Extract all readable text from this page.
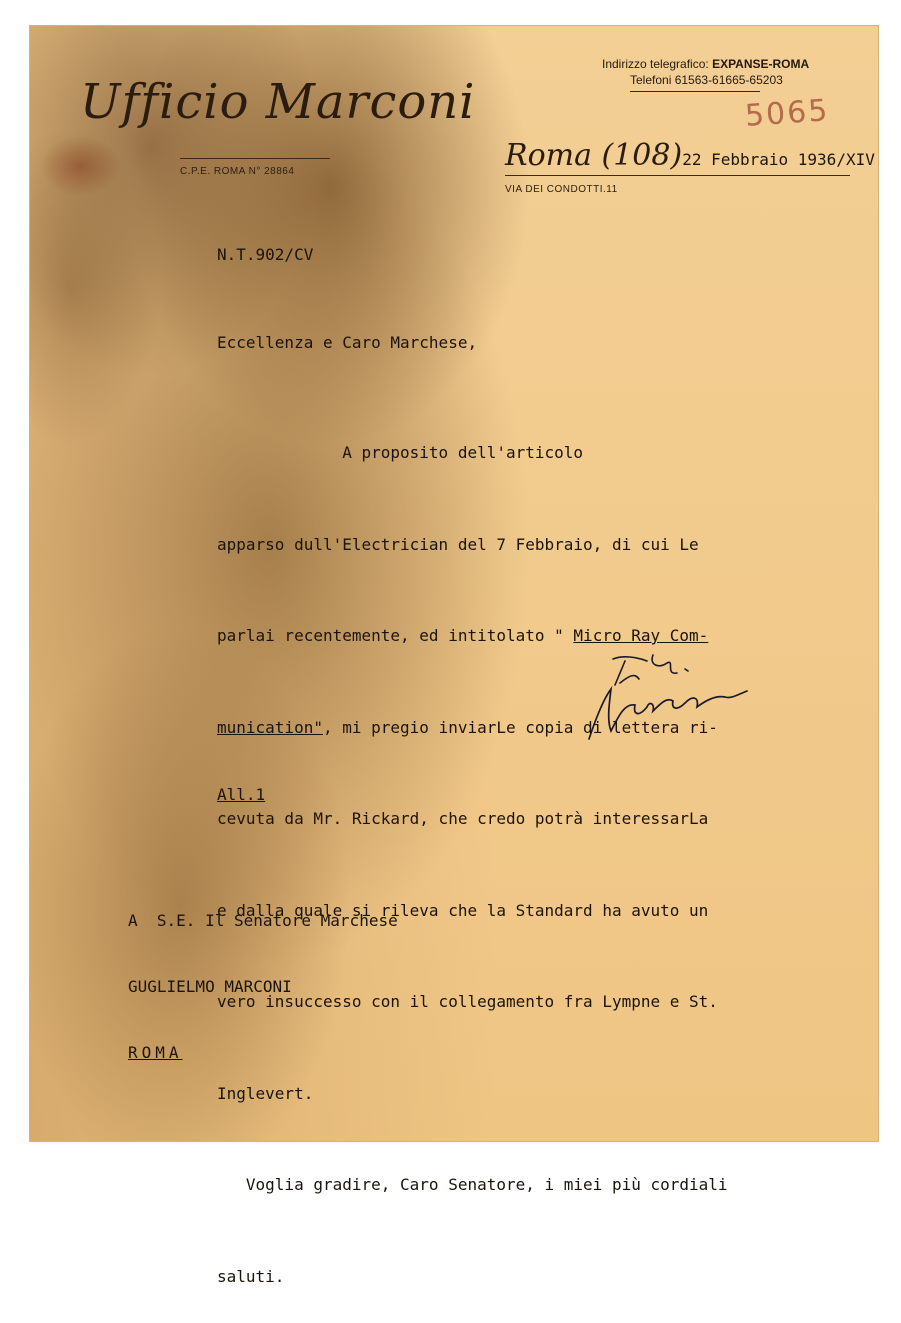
Ufficio Marconi
C.P.E. ROMA N° 28864
Indirizzo telegrafico: EXPANSE-ROMA
Telefoni 61563-61665-65203
5065
Roma (108)22 Febbraio 1936/XIV
VIA DEI CONDOTTI.11
N.T.902/CV
Eccellenza e Caro Marchese,

A proposito dell'articolo

apparso dull'Electrician del 7 Febbraio, di cui Le

parlai recentemente, ed intitolato " Micro Ray Com-

munication", mi pregio inviarLe copia di lettera ri-

cevuta da Mr. Rickard, che credo potrà interessarLa

e dalla quale si rileva che la Standard ha avuto un

vero insuccesso con il collegamento fra Lympne e St.

Inglevert.

Voglia gradire, Caro Senatore, i miei più cordiali

saluti.

All.1

A  S.E. Il Senatore Marchese

GUGLIELMO MARCONI

ROMA
